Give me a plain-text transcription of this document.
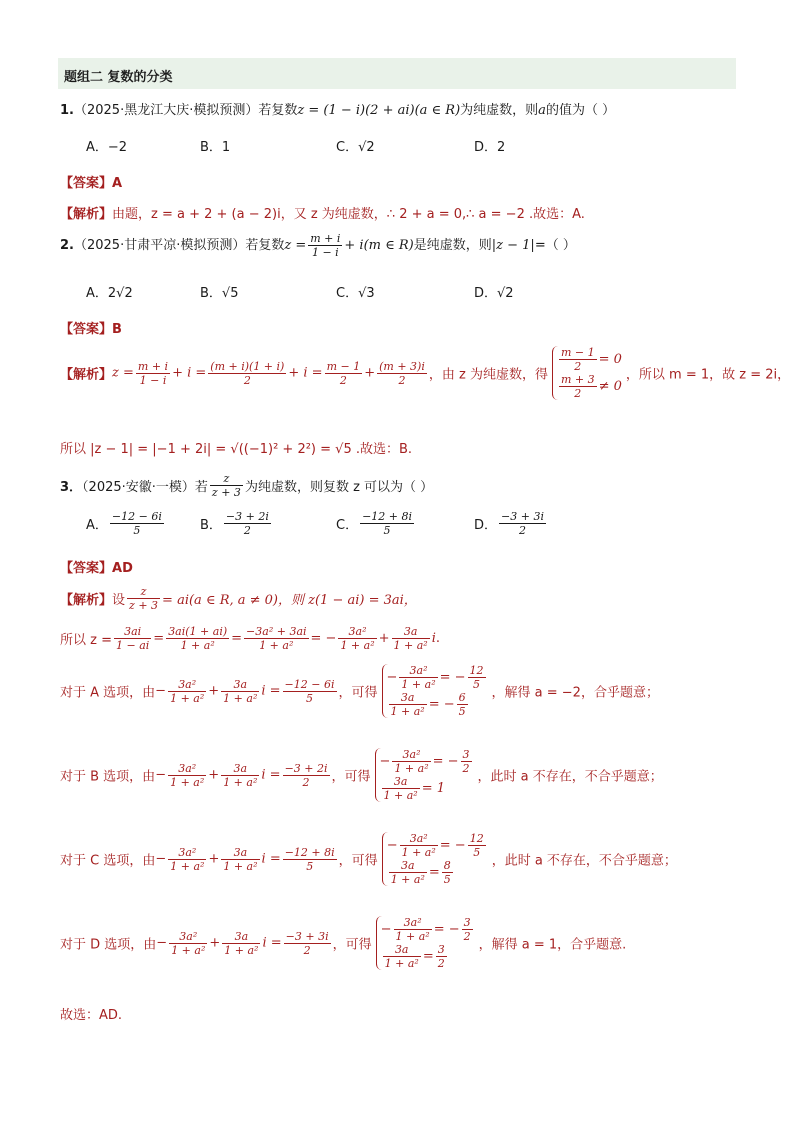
题组二 复数的分类
1.（2025·黑龙江大庆·模拟预测）若复数z = (1 − i)(2 + ai)(a ∈ R)为纯虚数，则a的值为（ ）
A．−2	B．1	C．√2	D．2
【答案】A
【解析】由题，z = a + 2 + (a − 2)i，又 z 为纯虚数，∴ 2 + a = 0,∴ a = −2 .故选：A.
2.（2025·甘肃平凉·模拟预测）若复数$z = \frac{m + i}{1 - i} + i(m$ ∈ R)是纯虚数，则|z − 1|=（ ）
A．2√2	B．√5	C．√3	D．√2
【答案】B
【解析】$z = \frac{m + i}{1 - i} + i = \frac{(m + i)(1 + i)}{2} + i = \frac{m - 1}{2} + \frac{(m + 3)i}{2}$ ，由 z 为纯虚数，得
$\frac{m - 1}{2} = 0$
$\frac{m + 3}{2} \ne 0$
，所以 m = 1，故 z = 2i，
所以 |z − 1| = |−1 + 2i| = √((−1)² + 2²) = √5 .故选：B.
3．（2025·安徽·一模）若 $\frac{z}{z + 3}$ 为纯虚数，则复数 z 可以为（ ）
A． $\frac{-12 - 6i}{5}$	B． $\frac{-3 + 2i}{2}$	C． $\frac{-12 + 8i}{5}$	D． $\frac{-3 + 3i}{2}$
【答案】AD
【解析】设 $\frac{z}{z + 3} = ai(a$ ∈ R, a ≠ 0)，则 z(1 − ai) = 3ai，
所以 $z = \frac{3ai}{1 - ai} = \frac{3ai(1 + ai)}{\text{1 + a²}} = \frac{\text{−3a² + 3ai}}{\text{1 + a²}}$ = − $\frac{\text{3a²}}{\text{1 + a²}} + \frac{3a}{\text{1 + a²}} i$.
对于 A 选项，由− $\frac{\text{3a²}}{\text{1 + a²}} + \frac{3a}{\text{1 + a²}}$ $i = \frac{-12 - 6i}{5}$ ，可得
− $\frac{\text{3a²}}{\text{1 + a²}}$ = − $\frac{12}{5}$
$\frac{3a}{\text{1 + a²}}$ = − $\frac{6}{5}$ ，解得 a = −2，合乎题意；
对于 B 选项，由− $\frac{\text{3a²}}{\text{1 + a²}} + \frac{3a}{\text{1 + a²}}$ $i = \frac{-3 + 2i}{2}$ ，可得
− $\frac{\text{3a²}}{\text{1 + a²}}$ = − $\frac{3}{2}$
$\frac{3a}{\text{1 + a²}} = 1$
，此时 a 不存在，不合乎题意；
对于 C 选项，由− $\frac{\text{3a²}}{\text{1 + a²}} + \frac{3a}{\text{1 + a²}}$ $i = \frac{-12 + 8i}{5}$ ，可得
− $\frac{\text{3a²}}{\text{1 + a²}}$ = − $\frac{12}{5}$
$\frac{3a}{\text{1 + a²}} = \frac{8}{5}$	，此时 a 不存在，不合乎题意；
对于 D 选项，由− $\frac{\text{3a²}}{\text{1 + a²}} + \frac{3a}{\text{1 + a²}}$ $i = \frac{-3 + 3i}{2}$ ，可得
− $\frac{\text{3a²}}{\text{1 + a²}}$ = − $\frac{3}{2}$
$\frac{3a}{\text{1 + a²}} = \frac{3}{2}$ ，解得 a = 1，合乎题意.
故选：AD.
